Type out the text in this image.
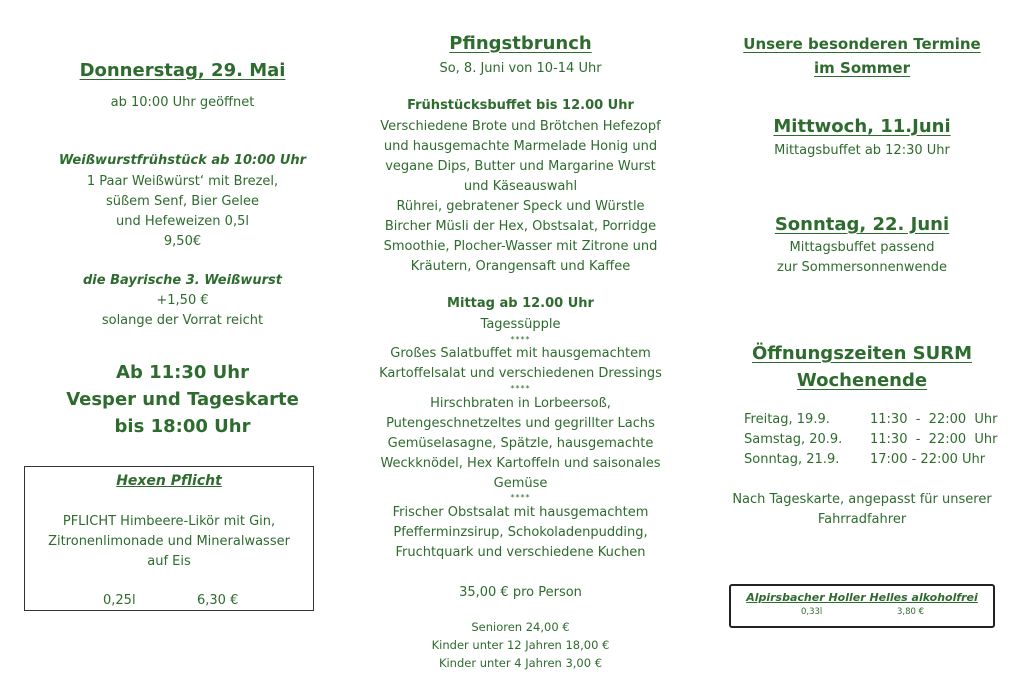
Donnerstag, 29. Mai
ab 10:00 Uhr geöffnet
Weißwurstfrühstück ab 10:00 Uhr
1 Paar Weißwürst‘ mit Brezel,
süßem Senf, Bier Gelee
und Hefeweizen 0,5l
9,50€
die Bayrische 3. Weißwurst
+1,50 €
solange der Vorrat reicht
Ab 11:30 Uhr
Vesper und Tageskarte
bis 18:00 Uhr
Hexen Pflicht
PFLICHT Himbeere-Likör mit Gin,
Zitronenlimonade und Mineralwasser
auf Eis
0,25l	6,30 €
Pfingstbrunch
So, 8. Juni von 10-14 Uhr
Frühstücksbuffet bis 12.00 Uhr
Verschiedene Brote und Brötchen Hefezopf
und hausgemachte Marmelade Honig und
vegane Dips, Butter und Margarine Wurst
und Käseauswahl
Rührei, gebratener Speck und Würstle
Bircher Müsli der Hex, Obstsalat, Porridge
Smoothie, Plocher-Wasser mit Zitrone und
Kräutern, Orangensaft und Kaffee
Mittag ab 12.00 Uhr
Tagessüpple
****
Großes Salatbuffet mit hausgemachtem
Kartoffelsalat und verschiedenen Dressings
****
Hirschbraten in Lorbeersoß,
Putengeschnetzeltes und gegrillter Lachs
Gemüselasagne, Spätzle, hausgemachte
Weckknödel, Hex Kartoffeln und saisonales
Gemüse
****
Frischer Obstsalat mit hausgemachtem
Pfefferminzsirup, Schokoladenpudding,
Fruchtquark und verschiedene Kuchen
35,00 € pro Person
Senioren 24,00 €
Kinder unter 12 Jahren 18,00 €
Kinder unter 4 Jahren 3,00 €
Unsere besonderen Termine
im Sommer
Mittwoch, 11.Juni
Mittagsbuffet ab 12:30 Uhr
Sonntag, 22. Juni
Mittagsbuffet passend
zur Sommersonnenwende
Öffnungszeiten SURM
Wochenende
Freitag, 19.9.	11:30  -  22:00  Uhr
Samstag, 20.9.	11:30  -  22:00  Uhr
Sonntag, 21.9.	17:00 - 22:00 Uhr
Nach Tageskarte, angepasst für unserer
Fahrradfahrer
Alpirsbacher Holler Helles alkoholfrei
0,33l	3,80 €
